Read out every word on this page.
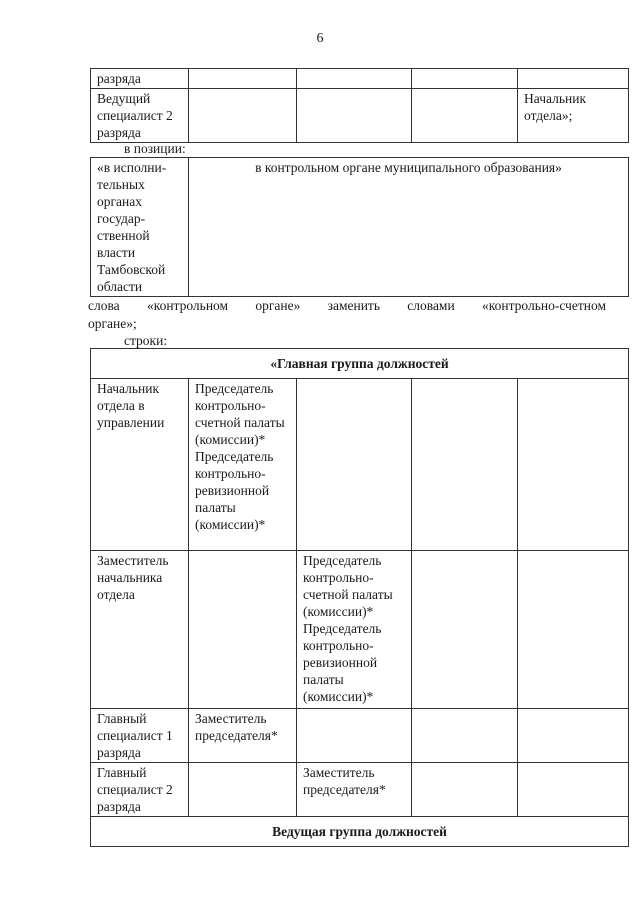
6
разряда				
Ведущий специалист 2 разряда				Начальник отдела»;
в позиции:
«в исполни-тельных органах государ-ственной власти Тамбовской области	в контрольном органе муниципального образования»
слова «контрольном органе» заменить словами «контрольно-счетном
органе»;
строки:
«Главная группа должностей				
Начальник отдела в управлении	Председатель контрольно-счетной палаты (комиссии)* Председатель контрольно-ревизионной палаты (комиссии)*			
Заместитель начальника отдела		Председатель контрольно-счетной палаты (комиссии)* Председатель контрольно-ревизионной палаты (комиссии)*		
Главный специалист 1 разряда	Заместитель председателя*			
Главный специалист 2 разряда		Заместитель председателя*		
Ведущая группа должностей				
